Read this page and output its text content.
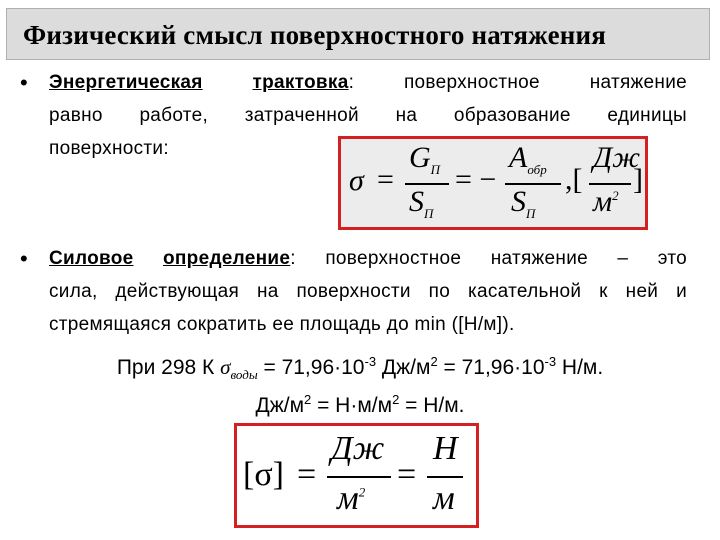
Физический смысл поверхностного натяжения
• Энергетическая	трактовка:	поверхностное натяжение
равно работе, затраченной на образование единицы
поверхности:
σ =
$G_П$
$S_П$
= −
$A_{обр}$
$S_П$
,[
Дж
$м^2$ ]
• Силовое определение: поверхностное натяжение – это
сила, действующая на поверхности по касательной к ней и
стремящаяся сократить ее площадь до min ([Н/м]).
При 298 К $\sigma_{воды} = 71,96\cdot 10^{-3}$ $Дж/м^2 = 71,96\cdot 10^{-3}$ Н/м.
$Дж/м^2 = Н\cdot м/м^2 = Н/м$.
[σ] =
Дж
$м^2$ =
Н
м
